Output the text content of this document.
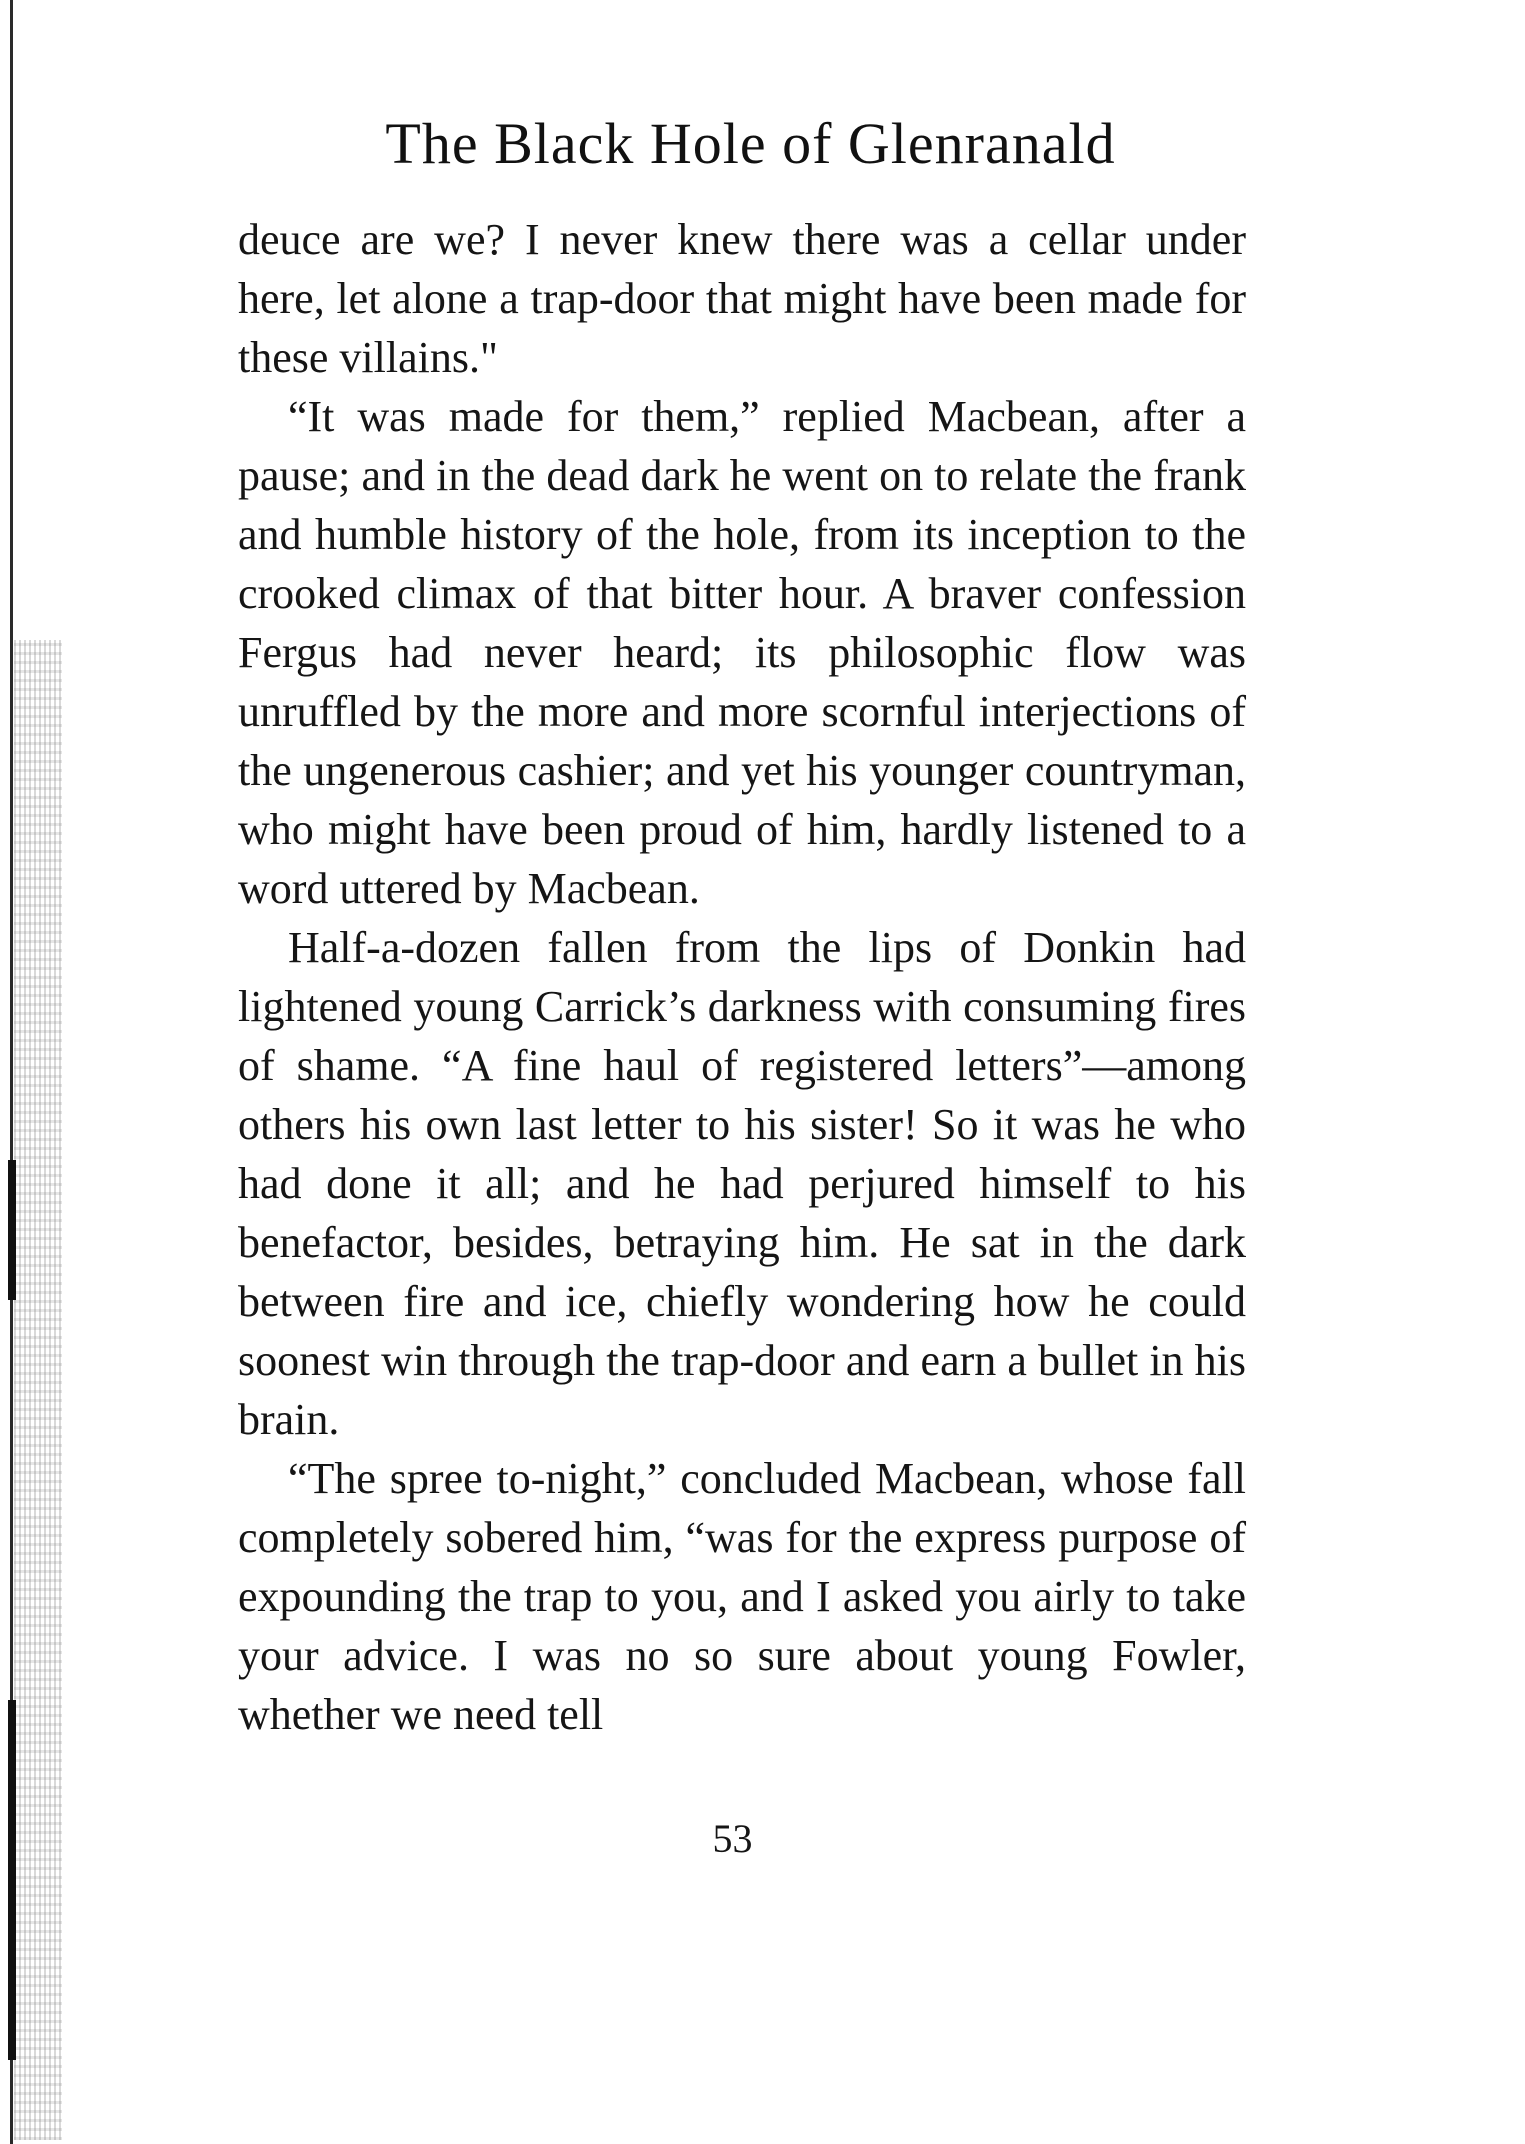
The Black Hole of Glenranald

deuce are we? I never knew there was a cellar under here, let alone a trap-door that might have been made for these villains."

“It was made for them,” replied Macbean, after a pause; and in the dead dark he went on to relate the frank and humble history of the hole, from its inception to the crooked climax of that bitter hour. A braver confession Fergus had never heard; its philosophic flow was unruffled by the more and more scornful interjections of the ungenerous cashier; and yet his younger countryman, who might have been proud of him, hardly listened to a word uttered by Macbean.

Half-a-dozen fallen from the lips of Donkin had lightened young Carrick’s darkness with consuming fires of shame. “A fine haul of registered letters”—among others his own last letter to his sister! So it was he who had done it all; and he had perjured himself to his benefactor, besides, betraying him. He sat in the dark between fire and ice, chiefly wondering how he could soonest win through the trap-door and earn a bullet in his brain.

“The spree to-night,” concluded Macbean, whose fall completely sobered him, “was for the express purpose of expounding the trap to you, and I asked you airly to take your advice. I was no so sure about young Fowler, whether we need tell

53
